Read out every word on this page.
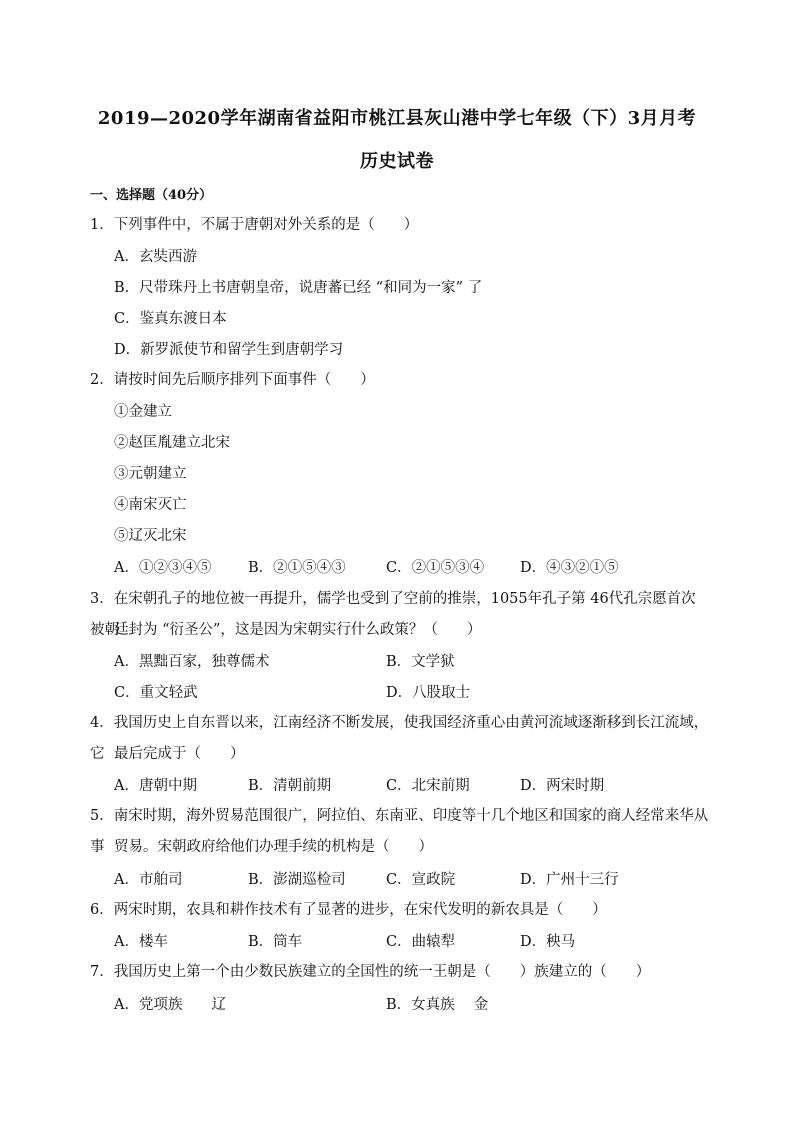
2019—2020学年湖南省益阳市桃江县灰山港中学七年级（下）3月月考
历史试卷
一、选择题（40分）
1．下列事件中，不属于唐朝对外关系的是（　　）
A．玄奘西游
B．尺带珠丹上书唐朝皇帝，说唐蕃已经 “和同为一家” 了
C．鉴真东渡日本
D．新罗派使节和留学生到唐朝学习
2．请按时间先后顺序排列下面事件（　　）
①金建立
②赵匡胤建立北宋
③元朝建立
④南宋灭亡
⑤辽灭北宋
A．①②③④⑤	B．②①⑤④③	C．②①⑤③④ D．④③②①⑤
3．在宋朝孔子的地位被一再提升，儒学也受到了空前的推崇，1055年孔子第 46代孔宗愿首次被朝
廷封为 “衍圣公”，这是因为宋朝实行什么政策？（　　）
A．黑黜百家，独尊儒术	B．文学狱
C．重文轻武	D．八股取士
4．我国历史上自东晋以来，江南经济不断发展，使我国经济重心由黄河流域逐渐移到长江流域，它 最后完成于（　　）
A．唐朝中期	B．清朝前期	C．北宋前期	D．两宋时期
5．南宋时期，海外贸易范围很广，阿拉伯、东南亚、印度等十几个地区和国家的商人经常来华从事 贸易。宋朝政府给他们办理手续的机构是（　　）
A．市舶司	B．澎湖巡检司	C．宣政院	D．广州十三行
6．两宋时期，农具和耕作技术有了显著的进步，在宋代发明的新农具是（　　）
A．楼车	B．筒车	C．曲辕犁	D．秧马
7．我国历史上第一个由少数民族建立的全国性的统一王朝是（　　）族建立的（　　）
A．党项族　　辽	B．女真族　 金
